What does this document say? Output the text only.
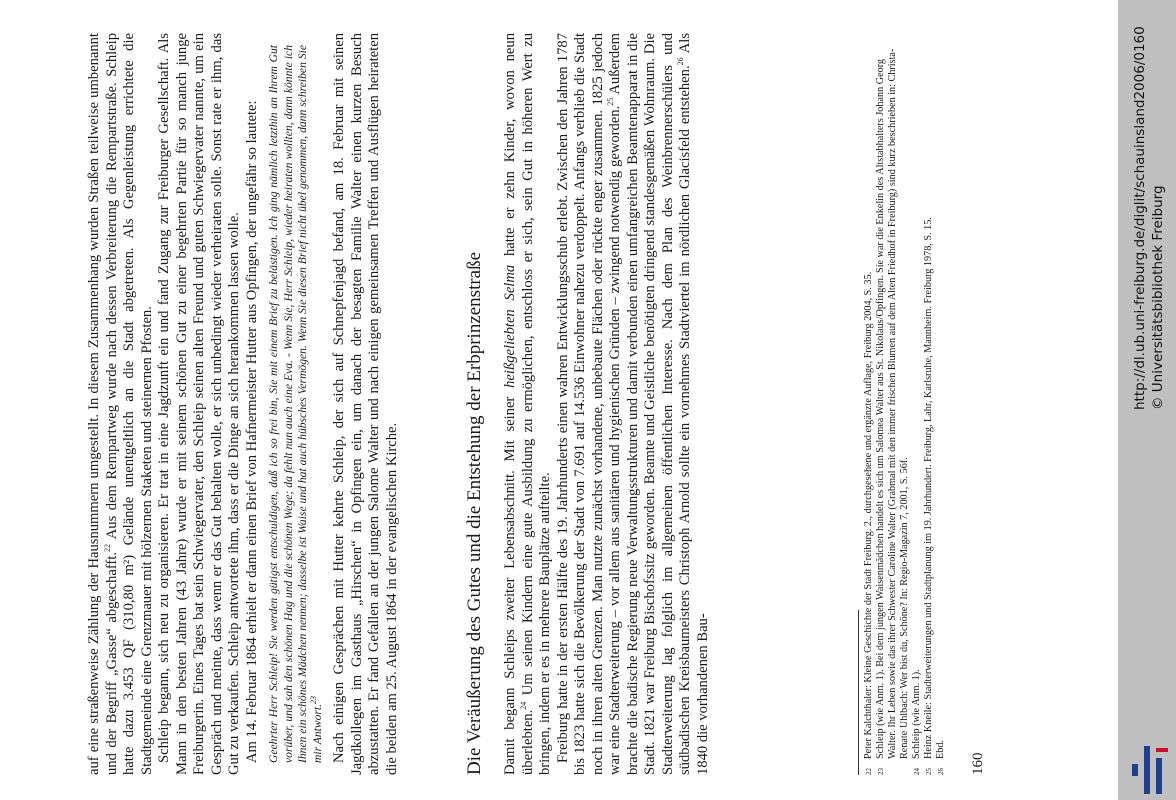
auf eine straßenweise Zählung der Hausnummern umgestellt. In diesem Zusammenhang wurden Straßen teilweise umbenannt und der Begriff „Gasse“ abgeschafft.$^{22}$ Aus dem Rempartweg wurde nach dessen Verbreiterung die Rempartstraße. Schleip hatte dazu 3.453 QF (310,80 m²) Gelände unentgeltlich an die Stadt abgetreten. Als Gegenleistung errichtete die Stadtgemeinde eine Grenzmauer mit hölzernen Staketen und steinernen Pfosten. Schleip begann, sich neu zu organisieren. Er trat in eine Jagdzunft ein und fand Zugang zur Freiburger Gesellschaft. Als Mann in den besten Jahren (43 Jahre) wurde er mit seinem schönen Gut zu einer begehrten Partie für so manch junge Freiburgerin. Eines Tages bat sein Schwiegervater, den Schleip seinen alten Freund und guten Schwiegervater nannte, um ein Gespräch und meinte, dass wenn er das Gut behalten wolle, er sich unbedingt wieder verheiraten solle. Sonst rate er ihm, das Gut zu verkaufen. Schleip antwortete ihm, dass er die Dinge an sich herankommen lassen wolle. Am 14. Februar 1864 erhielt er dann einen Brief von Hafnermeister Hutter aus Opfingen, der ungefähr so lautete: Geehrter Herr Schleip! Sie werden gütigst entschuldigen, daß ich so frei bin, Sie mit einem Brief zu belästigen. Ich ging nämlich letzthin an Ihrem Gut vorüber, und sah den schönen Hag und die schönen Wege; da fehlt nun auch eine Eva. - Wenn Sie, Herr Schleip, wieder heiraten wollten, dann könnte ich Ihnen ein schönes Mädchen nennen; dasselbe ist Waise und hat auch hübsches Vermögen. Wenn Sie diesen Brief nicht übel genommen, dann schreiben Sie mir Antwort.$^{23}$ Nach einigen Gesprächen mit Hutter kehrte Schleip, der sich auf Schnepfenjagd befand, am 18. Februar mit seinen Jagdkollegen im Gasthaus „Hirschen“ in Opfingen ein, um danach der besagten Familie Walter einen kurzen Besuch abzustatten. Er fand Gefallen an der jungen Salome Walter und nach einigen gemeinsamen Treffen und Ausflügen heirateten die beiden am 25. August 1864 in der evangelischen Kirche.	Die Veräußerung des Gutes und die Entstehung der Erbprinzenstraße Damit begann Schleips zweiter Lebensabschnitt. Mit seiner heißgeliebten Selma hatte er zehn Kinder, wovon neun überlebten.$^{24}$ Um seinen Kindern eine gute Ausbildung zu ermöglichen, entschloss er sich, sein Gut in höheren Wert zu bringen, indem er es in mehrere Bauplätze aufteilte. Freiburg hatte in der ersten Hälfte des 19. Jahrhunderts einen wahren Entwicklungsschub erlebt. Zwischen den Jahren 1787 bis 1823 hatte sich die Bevölkerung der Stadt von 7.691 auf 14.536 Einwohner nahezu verdoppelt. Anfangs verblieb die Stadt noch in ihren alten Grenzen. Man nutzte zunächst vorhandene, unbebaute Flächen oder rückte enger zusammen. 1825 jedoch war eine Stadterweiterung – vor allem aus sanitären und hygienischen Gründen – zwingend notwendig geworden.$^{25}$ Außerdem brachte die badische Regierung neue Verwaltungsstrukturen und damit verbunden einen umfangreichen Beamtenapparat in die Stadt. 1821 war Freiburg Bischofssitz geworden. Beamte und Geistliche benötigten dringend standesgemäßen Wohnraum. Die Stadterweiterung lag folglich im allgemeinen öffentlichen Interesse. Nach dem Plan des Weinbrennerschülers und südbadischen Kreisbaumeisters Christoph Arnold sollte ein vornehmes Stadtviertel im nördlichen Glacisfeld entstehen.$^{26}$ Als 1840 die vorhandenen Bau-	22
Peter Kalchthaler: Kleine Geschichte der Stadt Freiburg. 2., durchgesehene und ergänzte Auflage, Freiburg 2004, S. 35.
23
Schleip (wie Anm. 1). Bei dem jungen Waisenmädchen handelt es sich um Salomea Walter aus St. Nikolaus/Opfingen. Sie war die Enkelin des Altstabhalters Johann Georg Walter. Ihr Leben sowie das ihrer Schwester Caroline Walter (Grabmal mit den immer frischen Blumen auf dem Alten Friedhof in Freiburg) sind kurz beschrieben in: Christa-Renate Uhlbach: Wer bist du, Schöne? In: Regio-Magazin 7, 2001, S. 56f.
24
Schleip (wie Anm. 1).
25
Heinz Kneile: Stadterweiterungen und Stadtplanung im 19. Jahrhundert. Freiburg, Lahr, Karlsruhe, Mannheim. Freiburg 1978, S. 15.
26
Ebd.
160
http://dl.ub.uni-freiburg.de/diglit/schauinsland2006/0160 © Universitätsbibliothek Freiburg
